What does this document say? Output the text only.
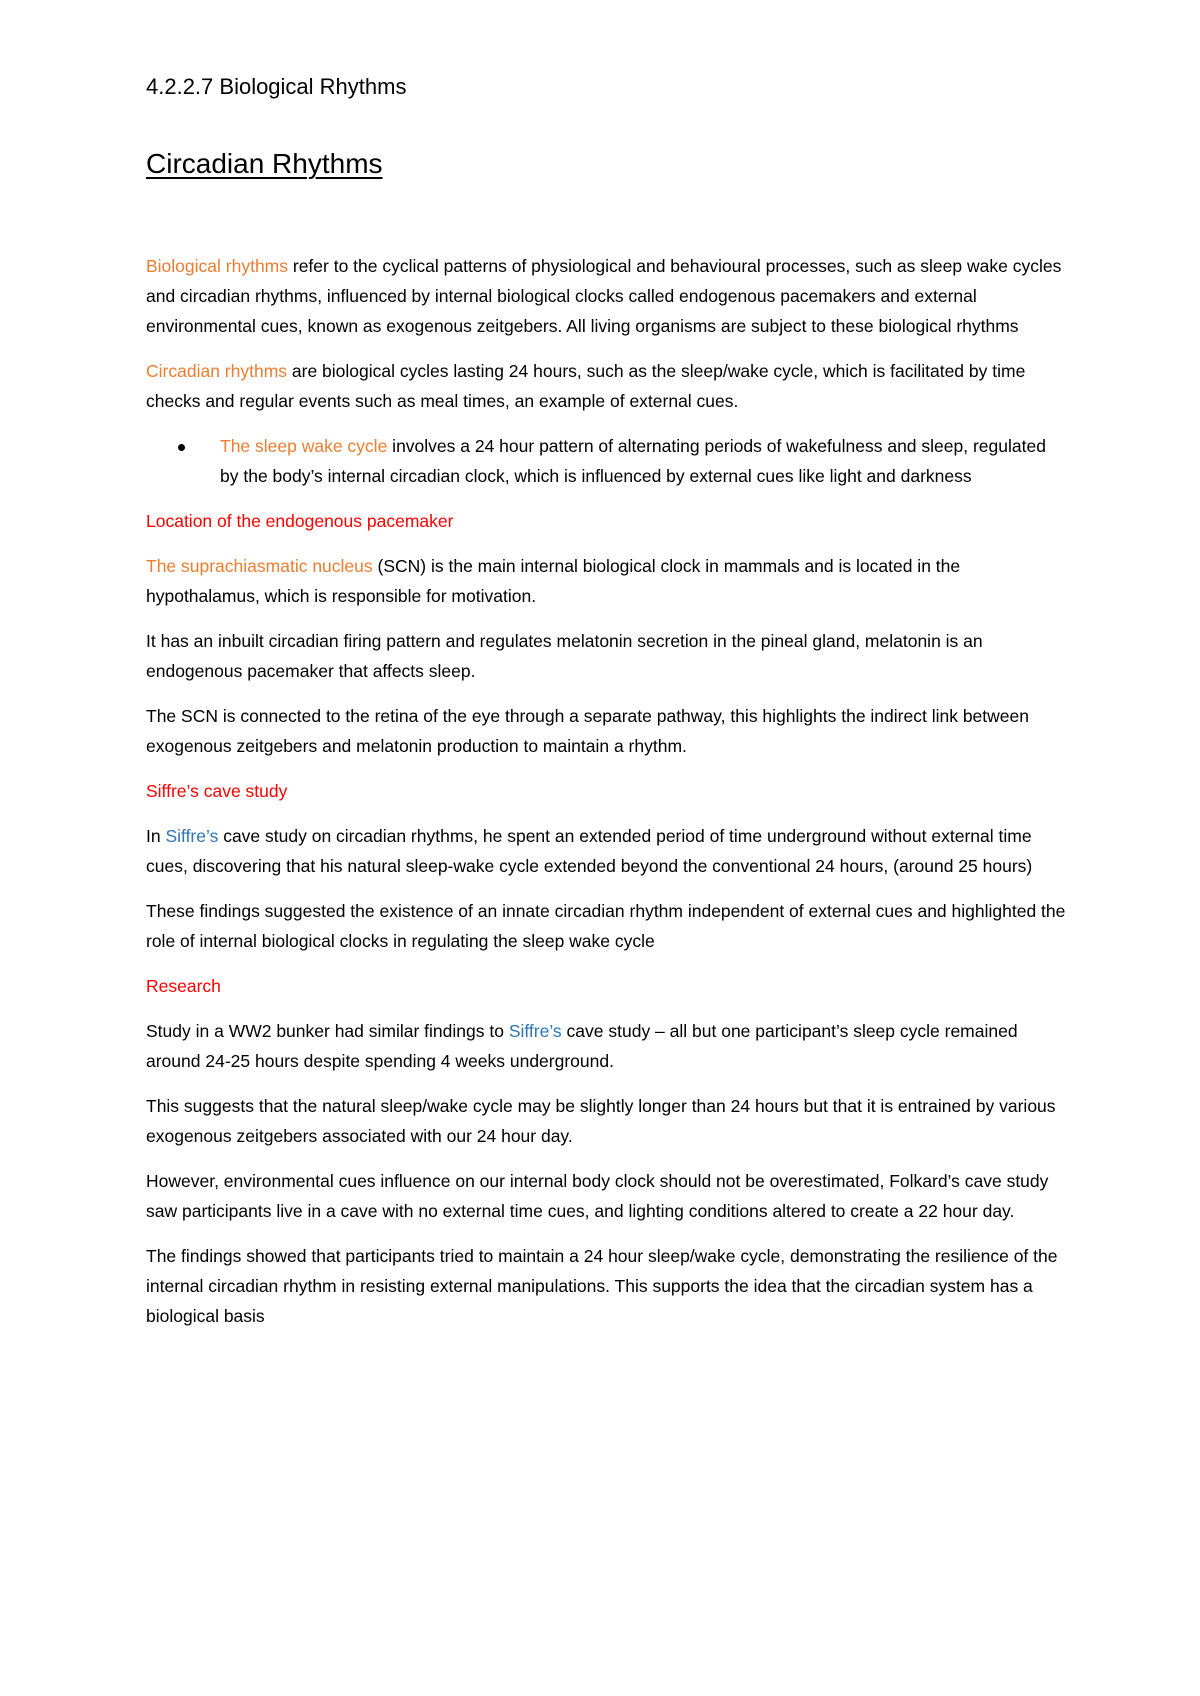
4.2.2.7 Biological Rhythms
Circadian Rhythms

Biological rhythms refer to the cyclical patterns of physiological and behavioural processes, such as sleep wake cycles and circadian rhythms, influenced by internal biological clocks called endogenous pacemakers and external environmental cues, known as exogenous zeitgebers. All living organisms are subject to these biological rhythms

Circadian rhythms are biological cycles lasting 24 hours, such as the sleep/wake cycle, which is facilitated by time checks and regular events such as meal times, an example of external cues.

The sleep wake cycle involves a 24 hour pattern of alternating periods of wakefulness and sleep, regulated by the body’s internal circadian clock, which is influenced by external cues like light and darkness

Location of the endogenous pacemaker

The suprachiasmatic nucleus (SCN) is the main internal biological clock in mammals and is located in the hypothalamus, which is responsible for motivation.

It has an inbuilt circadian firing pattern and regulates melatonin secretion in the pineal gland, melatonin is an endogenous pacemaker that affects sleep.

The SCN is connected to the retina of the eye through a separate pathway, this highlights the indirect link between exogenous zeitgebers and melatonin production to maintain a rhythm.

Siffre’s cave study

In Siffre’s cave study on circadian rhythms, he spent an extended period of time underground without external time cues, discovering that his natural sleep-wake cycle extended beyond the conventional 24 hours, (around 25 hours)

These findings suggested the existence of an innate circadian rhythm independent of external cues and highlighted the role of internal biological clocks in regulating the sleep wake cycle

Research

Study in a WW2 bunker had similar findings to Siffre’s cave study – all but one participant’s sleep cycle remained around 24-25 hours despite spending 4 weeks underground.

This suggests that the natural sleep/wake cycle may be slightly longer than 24 hours but that it is entrained by various exogenous zeitgebers associated with our 24 hour day.

However, environmental cues influence on our internal body clock should not be overestimated, Folkard’s cave study saw participants live in a cave with no external time cues, and lighting conditions altered to create a 22 hour day.

The findings showed that participants tried to maintain a 24 hour sleep/wake cycle, demonstrating the resilience of the internal circadian rhythm in resisting external manipulations. This supports the idea that the circadian system has a biological basis
